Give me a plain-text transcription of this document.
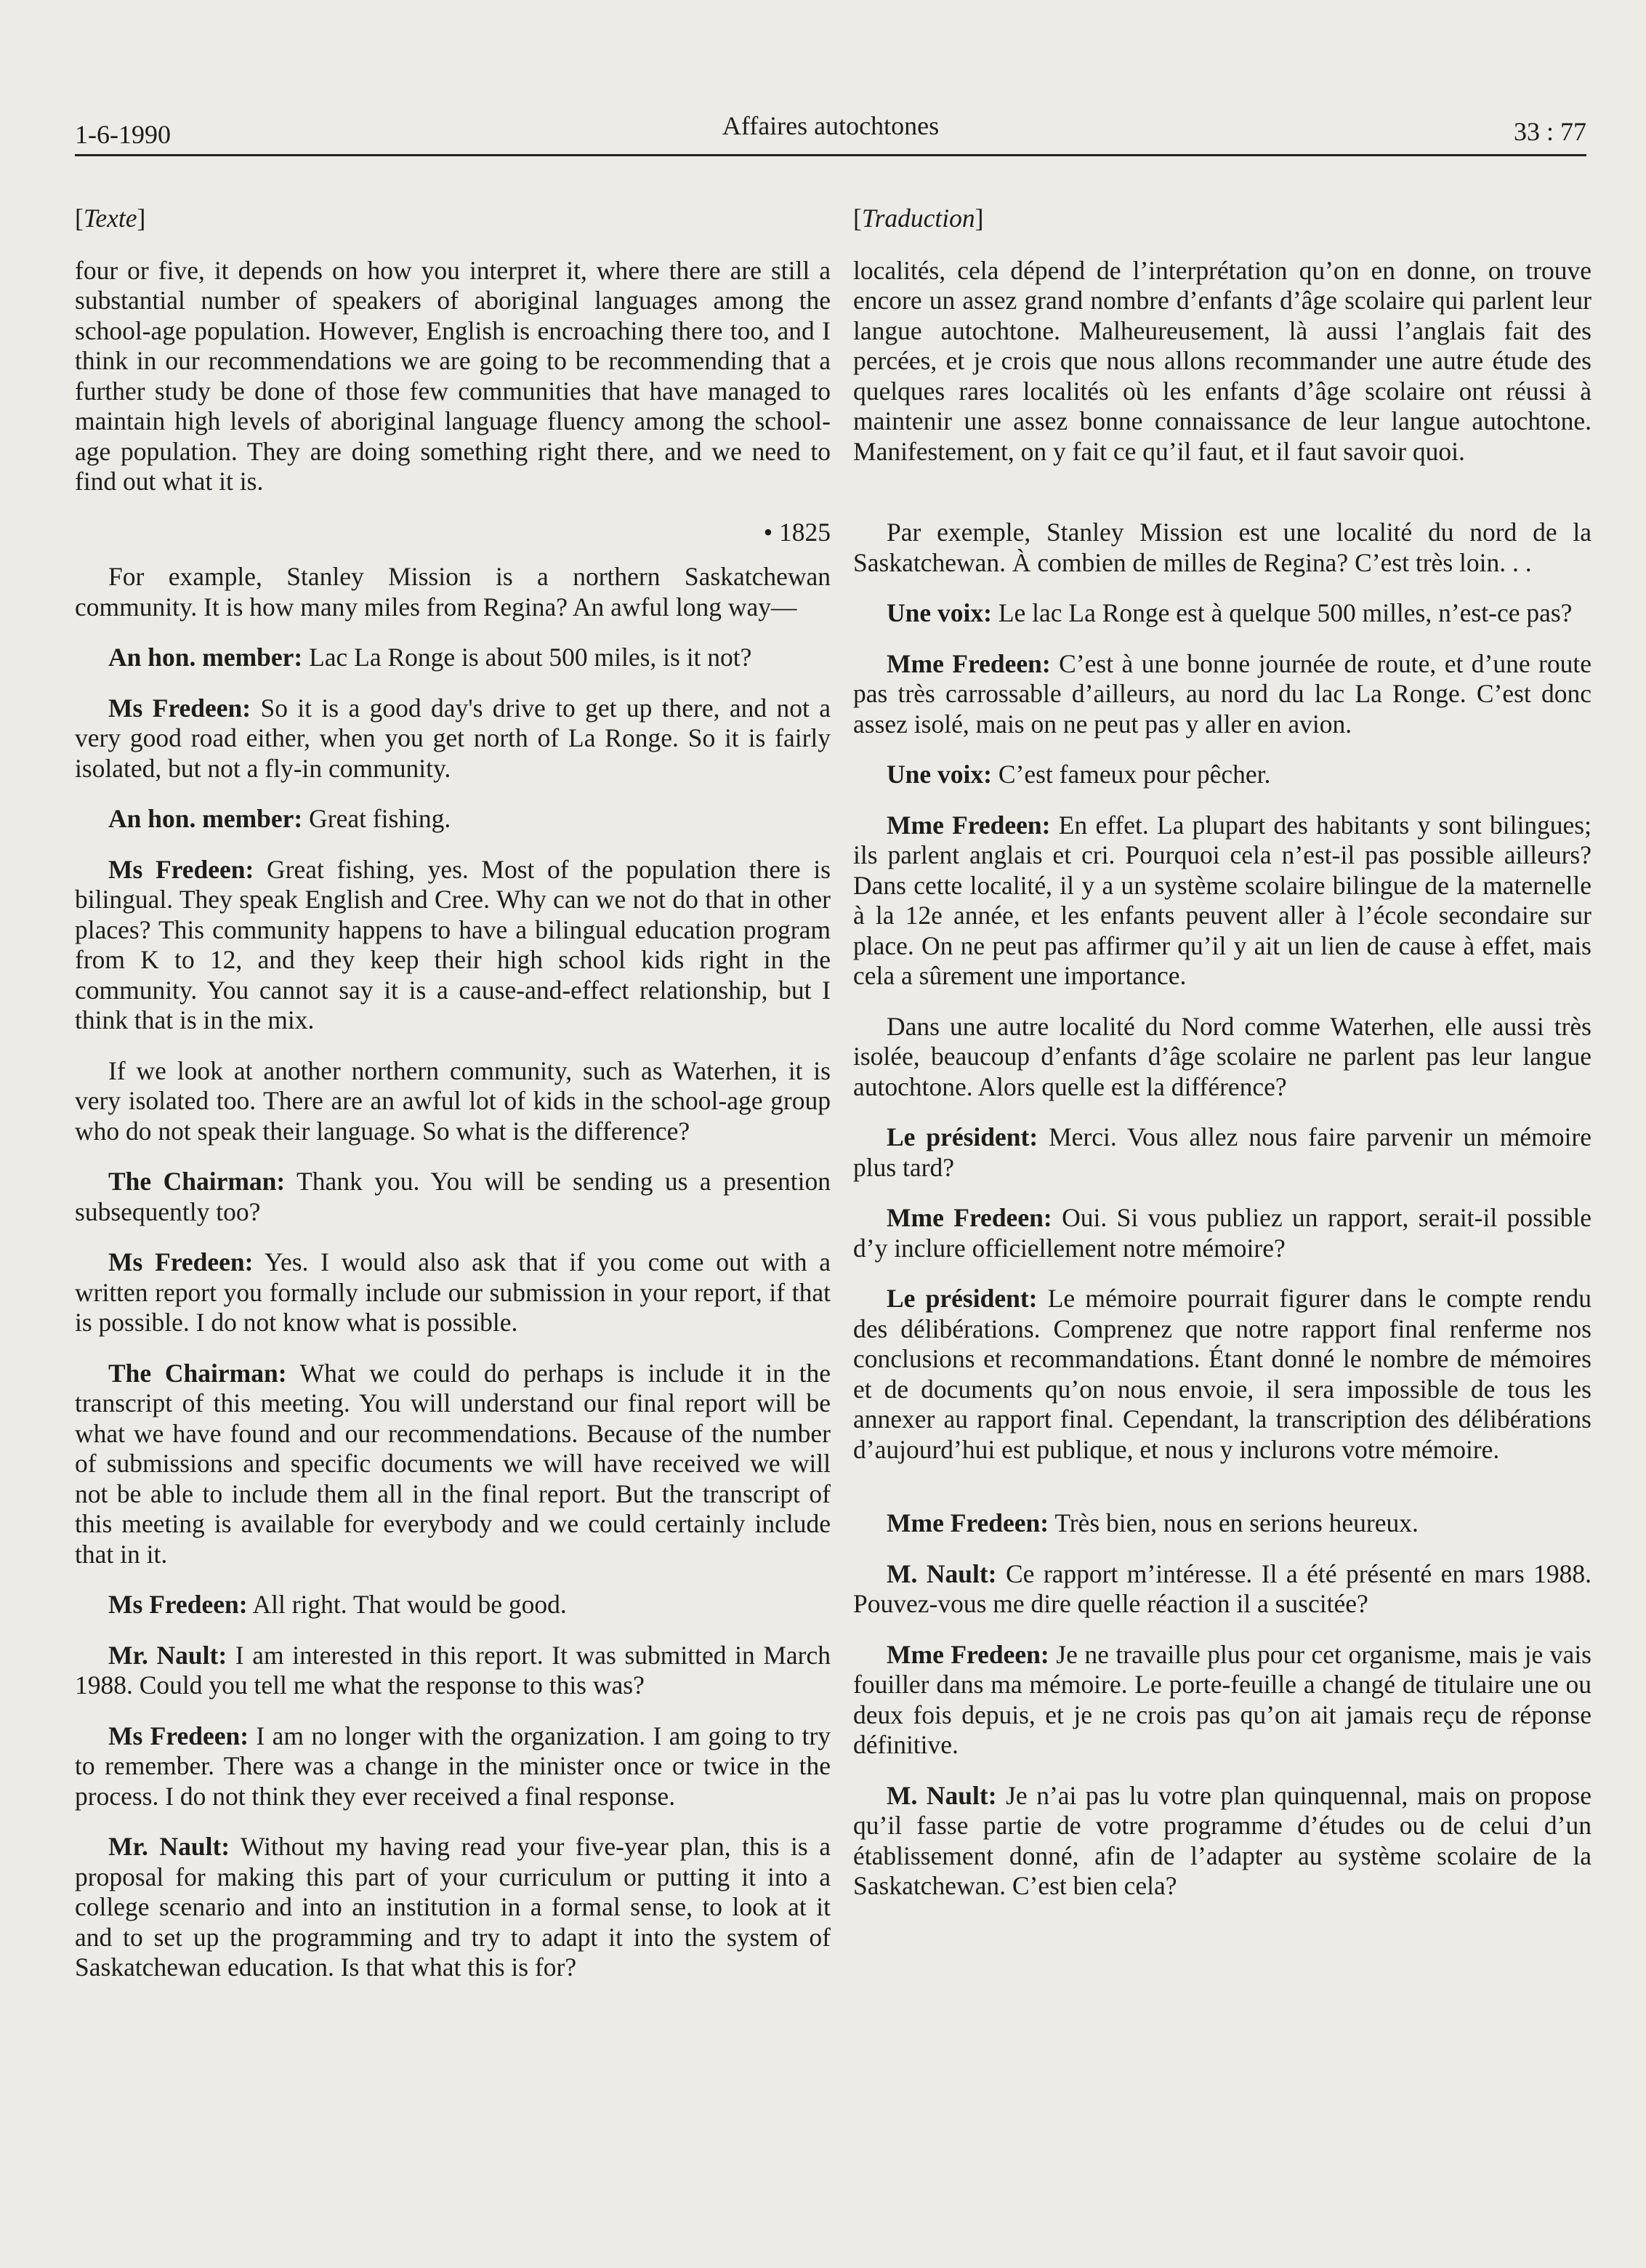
1-6-1990	Affaires autochtones	33 : 77
[Texte]

four or five, it depends on how you interpret it, where there are still a substantial number of speakers of aboriginal languages among the school-age population. However, English is encroaching there too, and I think in our recommendations we are going to be recommending that a further study be done of those few communities that have managed to maintain high levels of aboriginal language fluency among the school-age population. They are doing something right there, and we need to find out what it is.

• 1825

For example, Stanley Mission is a northern Saskatchewan community. It is how many miles from Regina? An awful long way—

An hon. member: Lac La Ronge is about 500 miles, is it not?

Ms Fredeen: So it is a good day's drive to get up there, and not a very good road either, when you get north of La Ronge. So it is fairly isolated, but not a fly-in community.

An hon. member: Great fishing.

Ms Fredeen: Great fishing, yes. Most of the population there is bilingual. They speak English and Cree. Why can we not do that in other places? This community happens to have a bilingual education program from K to 12, and they keep their high school kids right in the community. You cannot say it is a cause-and-effect relationship, but I think that is in the mix.

If we look at another northern community, such as Waterhen, it is very isolated too. There are an awful lot of kids in the school-age group who do not speak their language. So what is the difference?

The Chairman: Thank you. You will be sending us a presention subsequently too?

Ms Fredeen: Yes. I would also ask that if you come out with a written report you formally include our submission in your report, if that is possible. I do not know what is possible.

The Chairman: What we could do perhaps is include it in the transcript of this meeting. You will understand our final report will be what we have found and our recommendations. Because of the number of submissions and specific documents we will have received we will not be able to include them all in the final report. But the transcript of this meeting is available for everybody and we could certainly include that in it.

Ms Fredeen: All right. That would be good.

Mr. Nault: I am interested in this report. It was submitted in March 1988. Could you tell me what the response to this was?

Ms Fredeen: I am no longer with the organization. I am going to try to remember. There was a change in the minister once or twice in the process. I do not think they ever received a final response.

Mr. Nault: Without my having read your five-year plan, this is a proposal for making this part of your curriculum or putting it into a college scenario and into an institution in a formal sense, to look at it and to set up the programming and try to adapt it into the system of Saskatchewan education. Is that what this is for?

[Traduction]

localités, cela dépend de l’interprétation qu’on en donne, on trouve encore un assez grand nombre d’enfants d’âge scolaire qui parlent leur langue autochtone. Malheureusement, là aussi l’anglais fait des percées, et je crois que nous allons recommander une autre étude des quelques rares localités où les enfants d’âge scolaire ont réussi à maintenir une assez bonne connaissance de leur langue autochtone. Manifestement, on y fait ce qu’il faut, et il faut savoir quoi.

Par exemple, Stanley Mission est une localité du nord de la Saskatchewan. À combien de milles de Regina? C’est très loin. . .

Une voix: Le lac La Ronge est à quelque 500 milles, n’est-ce pas?

Mme Fredeen: C’est à une bonne journée de route, et d’une route pas très carrossable d’ailleurs, au nord du lac La Ronge. C’est donc assez isolé, mais on ne peut pas y aller en avion.

Une voix: C’est fameux pour pêcher.

Mme Fredeen: En effet. La plupart des habitants y sont bilingues; ils parlent anglais et cri. Pourquoi cela n’est-il pas possible ailleurs? Dans cette localité, il y a un système scolaire bilingue de la maternelle à la 12e année, et les enfants peuvent aller à l’école secondaire sur place. On ne peut pas affirmer qu’il y ait un lien de cause à effet, mais cela a sûrement une importance.

Dans une autre localité du Nord comme Waterhen, elle aussi très isolée, beaucoup d’enfants d’âge scolaire ne parlent pas leur langue autochtone. Alors quelle est la différence?

Le président: Merci. Vous allez nous faire parvenir un mémoire plus tard?

Mme Fredeen: Oui. Si vous publiez un rapport, serait-il possible d’y inclure officiellement notre mémoire?

Le président: Le mémoire pourrait figurer dans le compte rendu des délibérations. Comprenez que notre rapport final renferme nos conclusions et recommandations. Étant donné le nombre de mémoires et de documents qu’on nous envoie, il sera impossible de tous les annexer au rapport final. Cependant, la transcription des délibérations d’aujourd’hui est publique, et nous y inclurons votre mémoire.

Mme Fredeen: Très bien, nous en serions heureux.

M. Nault: Ce rapport m’intéresse. Il a été présenté en mars 1988. Pouvez-vous me dire quelle réaction il a suscitée?

Mme Fredeen: Je ne travaille plus pour cet organisme, mais je vais fouiller dans ma mémoire. Le porte-feuille a changé de titulaire une ou deux fois depuis, et je ne crois pas qu’on ait jamais reçu de réponse définitive.

M. Nault: Je n’ai pas lu votre plan quinquennal, mais on propose qu’il fasse partie de votre programme d’études ou de celui d’un établissement donné, afin de l’adapter au système scolaire de la Saskatchewan. C’est bien cela?
